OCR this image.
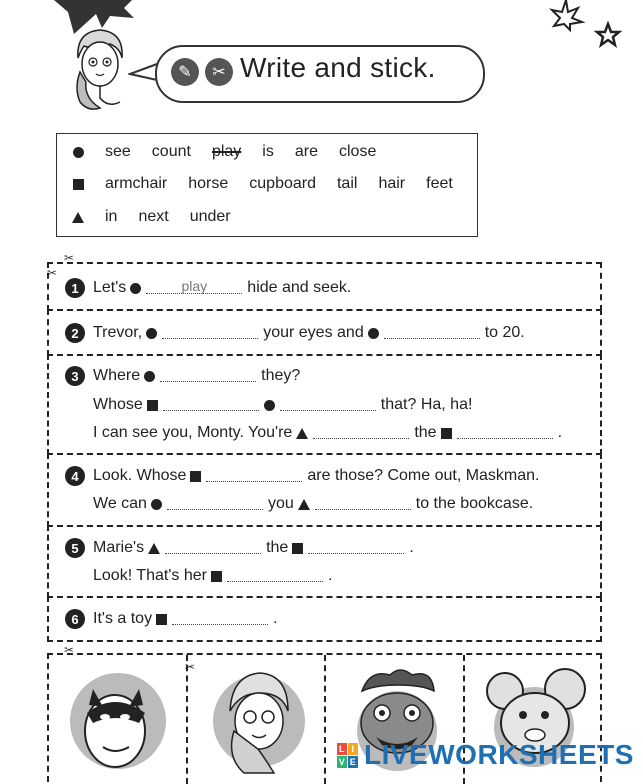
✎	✂ Write and stick.
see count play is are close
armchair horse cupboard tail hair feet
in next under
✂
✂
✂
✂
1 Let's	play	hide and seek.
2 Trevor,	your eyes and	to 20.
3 Where	they?
Whose	that? Ha, ha!
I can see you, Monty. You're	the	.
4 Look. Whose	are those? Come out, Maskman.
We can	you	to the bookcase.
5 Marie's	the	.
Look! That's her	.
6 It's a toy	.
L I
V E LIVEWORKSHEETS
